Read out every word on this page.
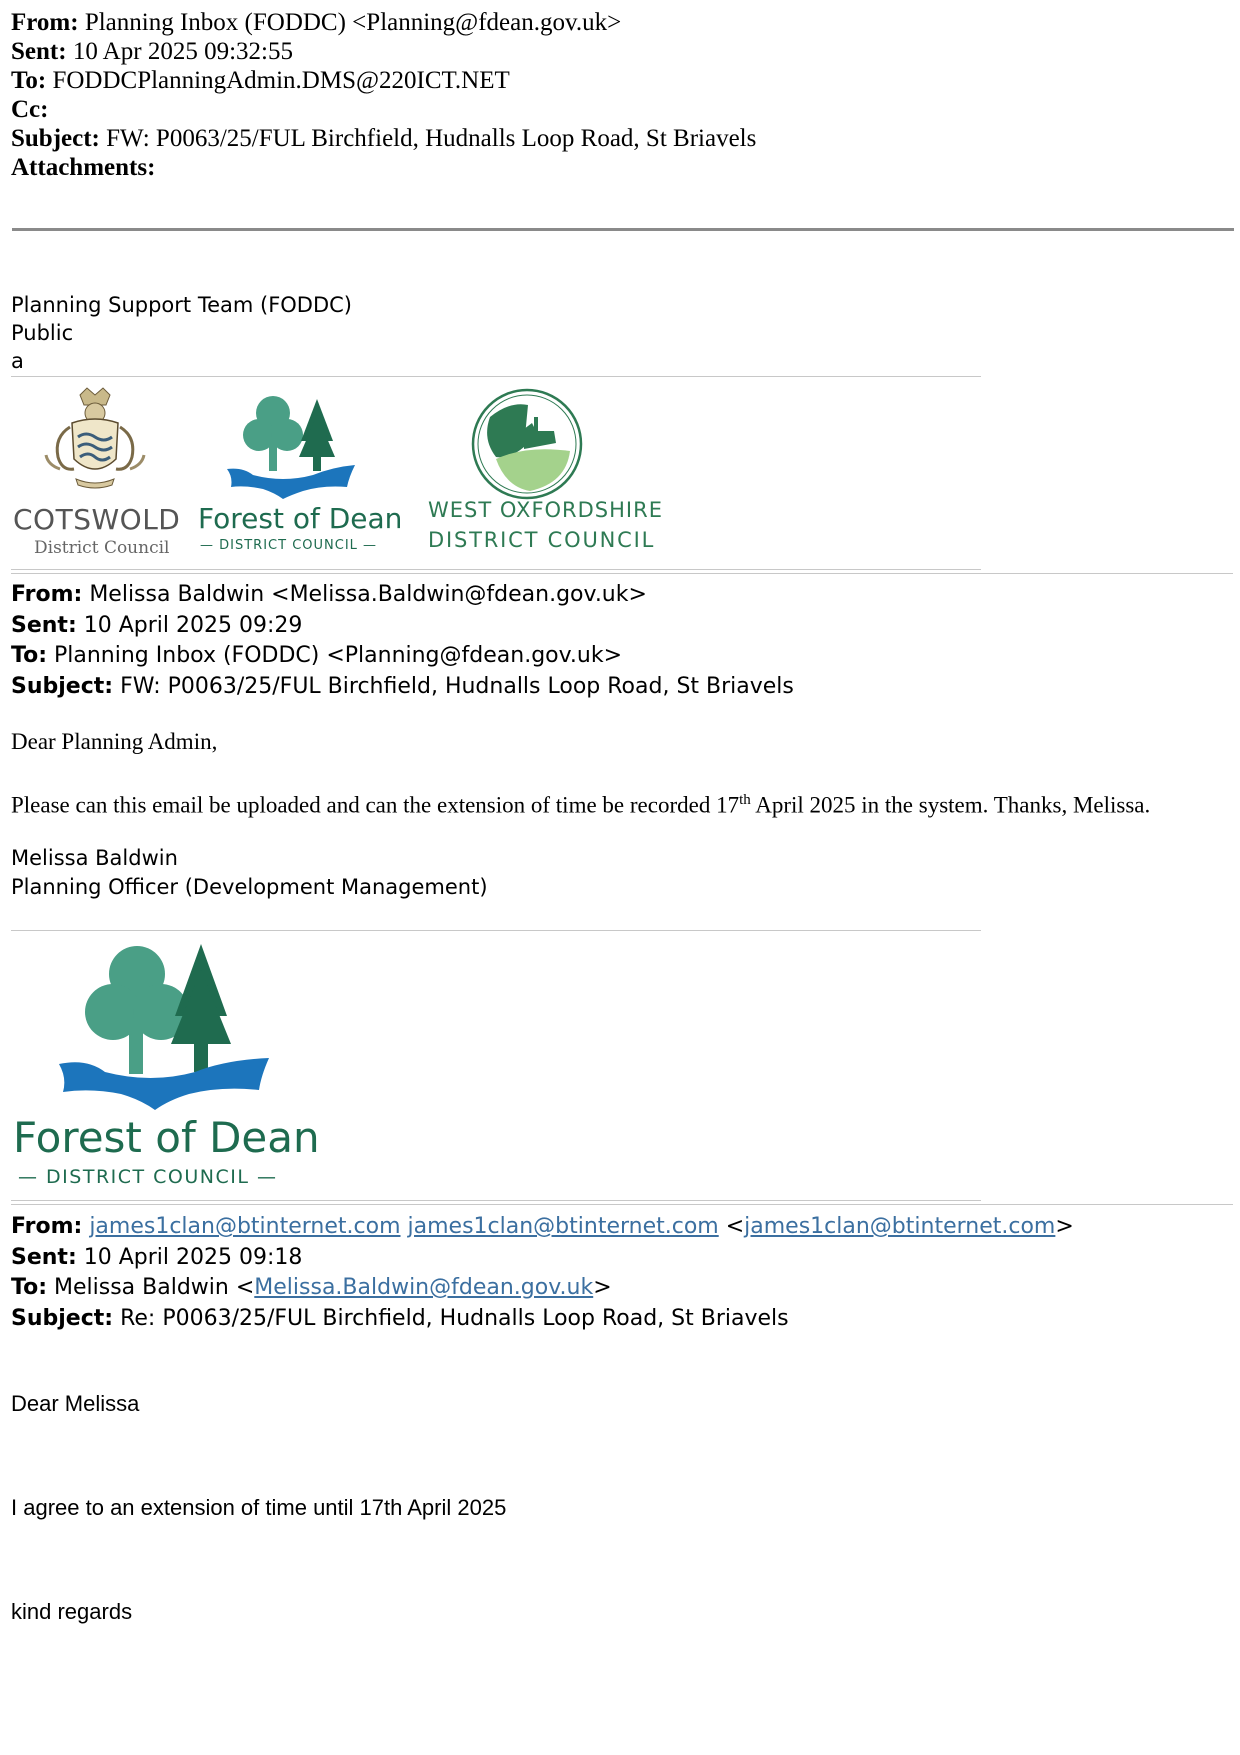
From: Planning Inbox (FODDC) <Planning@fdean.gov.uk>
Sent: 10 Apr 2025 09:32:55
To: FODDCPlanningAdmin.DMS@220ICT.NET
Cc:
Subject: FW: P0063/25/FUL Birchfield, Hudnalls Loop Road, St Briavels
Attachments:
Planning Support Team (FODDC)
Public
a
COTSWOLD
District Council
Forest of Dean
— DISTRICT COUNCIL —
WEST OXFORDSHIRE
DISTRICT COUNCIL
From: Melissa Baldwin <Melissa.Baldwin@fdean.gov.uk>
Sent: 10 April 2025 09:29
To: Planning Inbox (FODDC) <Planning@fdean.gov.uk>
Subject: FW: P0063/25/FUL Birchfield, Hudnalls Loop Road, St Briavels
Dear Planning Admin,
Please can this email be uploaded and can the extension of time be recorded 17th April 2025 in the system. Thanks, Melissa.
Melissa Baldwin
Planning Officer (Development Management)
Forest of Dean
— DISTRICT COUNCIL —
From: james1clan@btinternet.com james1clan@btinternet.com <james1clan@btinternet.com>
Sent: 10 April 2025 09:18
To: Melissa Baldwin <Melissa.Baldwin@fdean.gov.uk>
Subject: Re: P0063/25/FUL Birchfield, Hudnalls Loop Road, St Briavels
Dear Melissa
I agree to an extension of time until 17th April 2025
kind regards
